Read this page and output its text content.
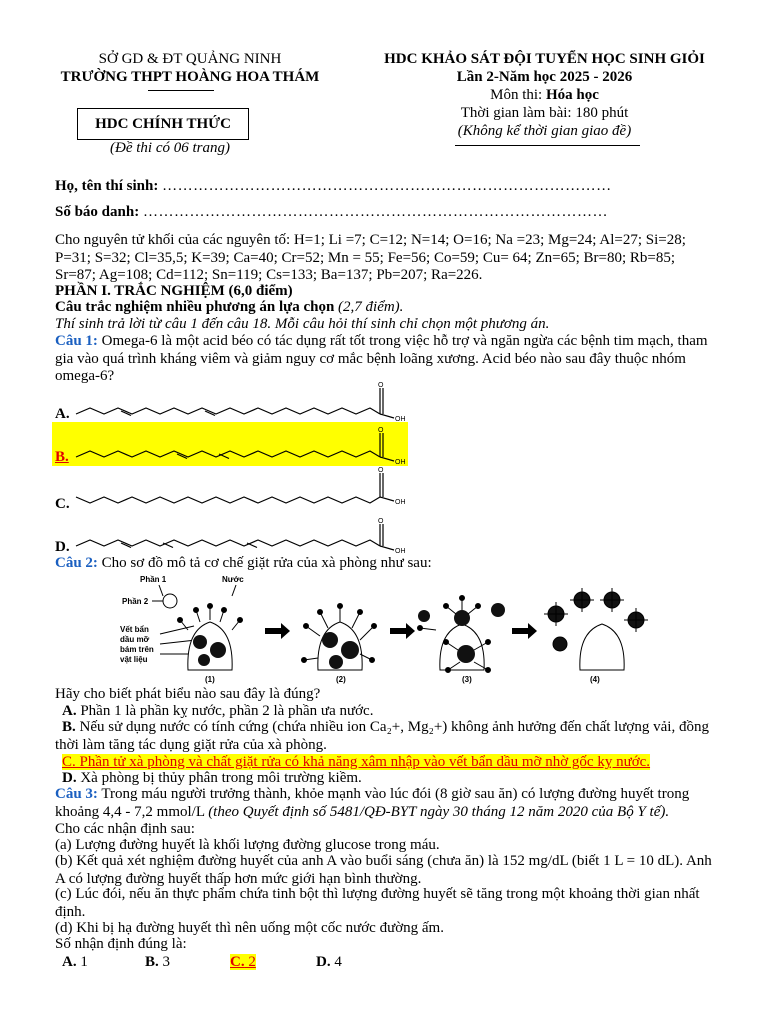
SỞ GD & ĐT QUẢNG NINH
TRƯỜNG THPT HOÀNG HOA THÁM
HDC CHÍNH THỨC
(Đề thi có 06 trang)
HDC KHẢO SÁT ĐỘI TUYỂN HỌC SINH GIỎI
Lần 2-Năm học 2025 - 2026
Môn thi: Hóa học
Thời gian làm bài: 180 phút
(Không kể thời gian giao đề)
Họ, tên thí sinh: ……………………………………………………………………………
Số báo danh: ………………………………………………………………………………
Cho nguyên tử khối của các nguyên tố: H=1; Li =7; C=12; N=14; O=16; Na =23; Mg=24; Al=27; Si=28; P=31; S=32; Cl=35,5; K=39; Ca=40; Cr=52; Mn = 55; Fe=56; Co=59; Cu= 64; Zn=65; Br=80; Rb=85; Sr=87; Ag=108; Cd=112; Sn=119; Cs=133; Ba=137; Pb=207; Ra=226.
PHẦN I. TRẮC NGHIỆM (6,0 điểm)
Câu trắc nghiệm nhiều phương án lựa chọn (2,7 điểm).
Thí sinh trả lời từ câu 1 đến câu 18. Mỗi câu hỏi thí sinh chỉ chọn một phương án.
Câu 1: Omega-6 là một acid béo có tác dụng rất tốt trong việc hỗ trợ và ngăn ngừa các bệnh tim mạch, tham gia vào quá trình kháng viêm và giảm nguy cơ mắc bệnh loãng xương. Acid béo nào sau đây thuộc nhóm omega-6?
O
OH
O
OH
O
OH
O
OH
A.
B.
C.
D.
Câu 2: Cho sơ đồ mô tả cơ chế giặt rửa của xà phòng như sau:
Phần 1	Nước
Phần 2
Vết bẩn
dầu mỡ
bám trên
vật liệu
(1)	(2)	(3)	(4)
Hãy cho biết phát biểu nào sau đây là đúng?
A. Phần 1 là phần kỵ nước, phần 2 là phần ưa nước.
B. Nếu sử dụng nước có tính cứng (chứa nhiều ion Ca₂+, Mg₂+) không ảnh hưởng đến chất lượng vải, đồng thời làm tăng tác dụng giặt rửa của xà phòng.
C. Phần tử xà phòng và chất giặt rửa có khả năng xâm nhập vào vết bẩn dầu mỡ nhờ gốc kỵ nước.
D. Xà phòng bị thủy phân trong môi trường kiềm.
Câu 3: Trong máu người trưởng thành, khỏe mạnh vào lúc đói (8 giờ sau ăn) có lượng đường huyết trong khoảng 4,4 - 7,2 mmol/L (theo Quyết định số 5481/QĐ-BYT ngày 30 tháng 12 năm 2020 của Bộ Y tế).
Cho các nhận định sau:
(a) Lượng đường huyết là khối lượng đường glucose trong máu.
(b) Kết quả xét nghiệm đường huyết của anh A vào buổi sáng (chưa ăn) là 152 mg/dL (biết 1 L = 10 dL). Anh A có lượng đường huyết thấp hơn mức giới hạn bình thường.
(c) Lúc đói, nếu ăn thực phẩm chứa tinh bột thì lượng đường huyết sẽ tăng trong một khoảng thời gian nhất định.
(d) Khi bị hạ đường huyết thì nên uống một cốc nước đường ấm.
Số nhận định đúng là:
A. 1	B. 3	C. 2	D. 4
